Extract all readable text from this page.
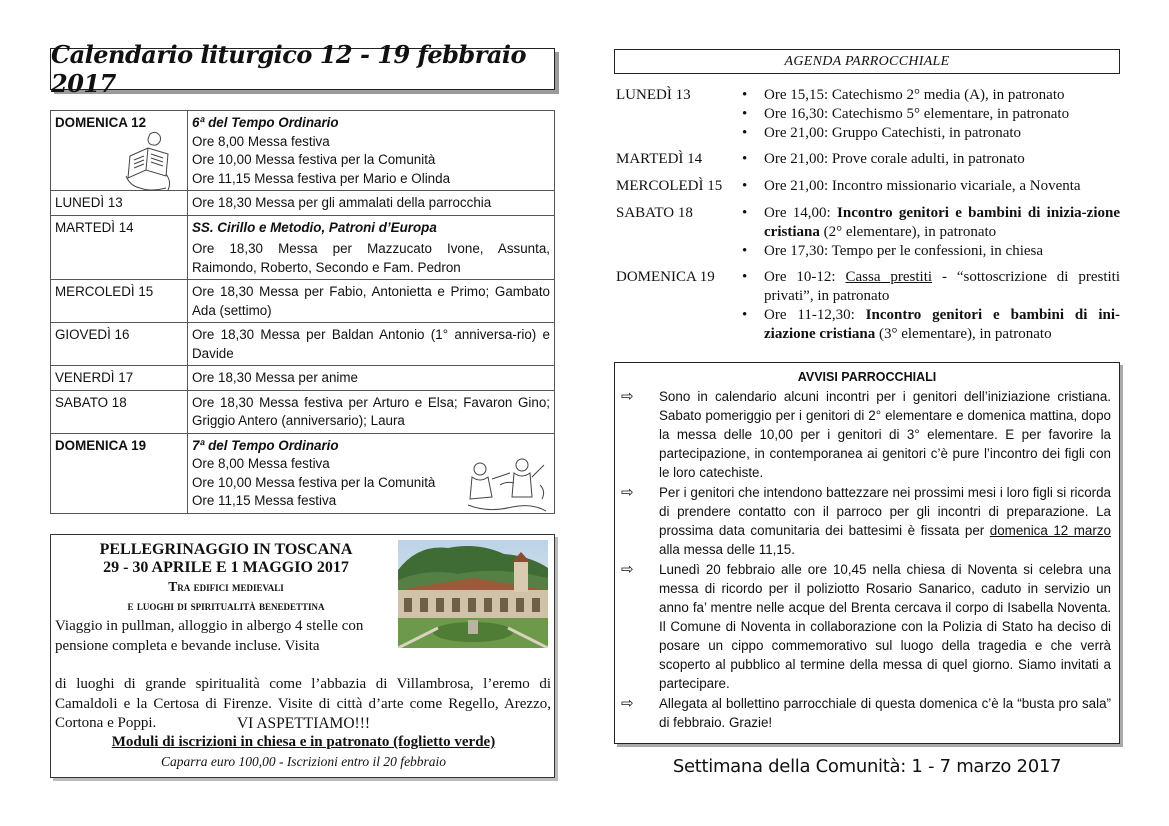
Calendario liturgico 12 - 19 febbraio 2017
DOMENICA 12	6ª del Tempo Ordinario
Ore 8,00 Messa festiva
Ore 10,00 Messa festiva per la Comunità
Ore 11,15 Messa festiva per Mario e Olinda

LUNEDÌ 13	Ore 18,30 Messa per gli ammalati della parrocchia
MARTEDÌ 14	SS. Cirillo e Metodio, Patroni d’Europa
Ore 18,30 Messa per Mazzucato Ivone, Assunta, Raimondo, Roberto, Secondo e Fam. Pedron

MERCOLEDÌ 15	Ore 18,30 Messa per Fabio, Antonietta e Primo; Gambato Ada (settimo)
GIOVEDÌ 16	Ore 18,30 Messa per Baldan Antonio (1° anniversa-rio) e Davide
VENERDÌ 17	Ore 18,30 Messa per anime
SABATO 18	Ore 18,30 Messa festiva per Arturo e Elsa; Favaron Gino; Griggio Antero (anniversario); Laura
DOMENICA 19	7ª del Tempo Ordinario
Ore 8,00 Messa festiva
Ore 10,00 Messa festiva per la Comunità
Ore 11,15 Messa festiva
PELLEGRINAGGIO IN TOSCANA
29 - 30 APRILE E 1 MAGGIO 2017
Tra edifici medievali
e luoghi di spiritualità benedettina
Viaggio in pullman, alloggio in albergo 4 stelle con pensione completa e bevande incluse. Visita
di luoghi di grande spiritualità come l’abbazia di Villambrosa, l’eremo di Camaldoli e la Certosa di Firenze. Visite di città d’arte come Regello, Arezzo, Cortona e Poppi.	VI ASPETTIAMO!!!
Moduli di iscrizioni in chiesa e in patronato (foglietto verde)
Caparra euro 100,00 - Iscrizioni entro il 20 febbraio
AGENDA PARROCCHIALE
LUNEDÌ 13	• Ore 15,15: Catechismo 2° media (A), in patronato
• Ore 16,30: Catechismo 5° elementare, in patronato
• Ore 21,00: Gruppo Catechisti, in patronato
MARTEDÌ 14	• Ore 21,00: Prove corale adulti, in patronato
MERCOLEDÌ 15	• Ore 21,00: Incontro missionario vicariale, a Noventa
SABATO 18	• Ore 14,00: Incontro genitori e bambini di inizia-zione cristiana (2° elementare), in patronato
• Ore 17,30: Tempo per le confessioni, in chiesa
DOMENICA 19	• Ore 10-12: Cassa prestiti - “sottoscrizione di prestiti privati”, in patronato
• Ore 11-12,30: Incontro genitori e bambini di ini-ziazione cristiana (3° elementare), in patronato
AVVISI PARROCCHIALI
⇨ Sono in calendario alcuni incontri per i genitori dell’iniziazione cristiana. Sabato pomeriggio per i genitori di 2° elementare e domenica mattina, dopo la messa delle 10,00 per i genitori di 3° elementare. E per favorire la partecipazione, in contemporanea ai genitori c’è pure l’incontro dei figli con le loro catechiste.
⇨ Per i genitori che intendono battezzare nei prossimi mesi i loro figli si ricorda di prendere contatto con il parroco per gli incontri di preparazione. La prossima data comunitaria dei battesimi è fissata per domenica 12 marzo alla messa delle 11,15.
⇨ Lunedì 20 febbraio alle ore 10,45 nella chiesa di Noventa si celebra una messa di ricordo per il poliziotto Rosario Sanarico, caduto in servizio un anno fa’ mentre nelle acque del Brenta cercava il corpo di Isabella Noventa. Il Comune di Noventa in collaborazione con la Polizia di Stato ha deciso di posare un cippo commemorativo sul luogo della tragedia e che verrà scoperto al pubblico al termine della messa di quel giorno. Siamo invitati a partecipare.
⇨ Allegata al bollettino parrocchiale di questa domenica c’è la “busta pro sala” di febbraio. Grazie!
Settimana della Comunità: 1 - 7 marzo 2017
